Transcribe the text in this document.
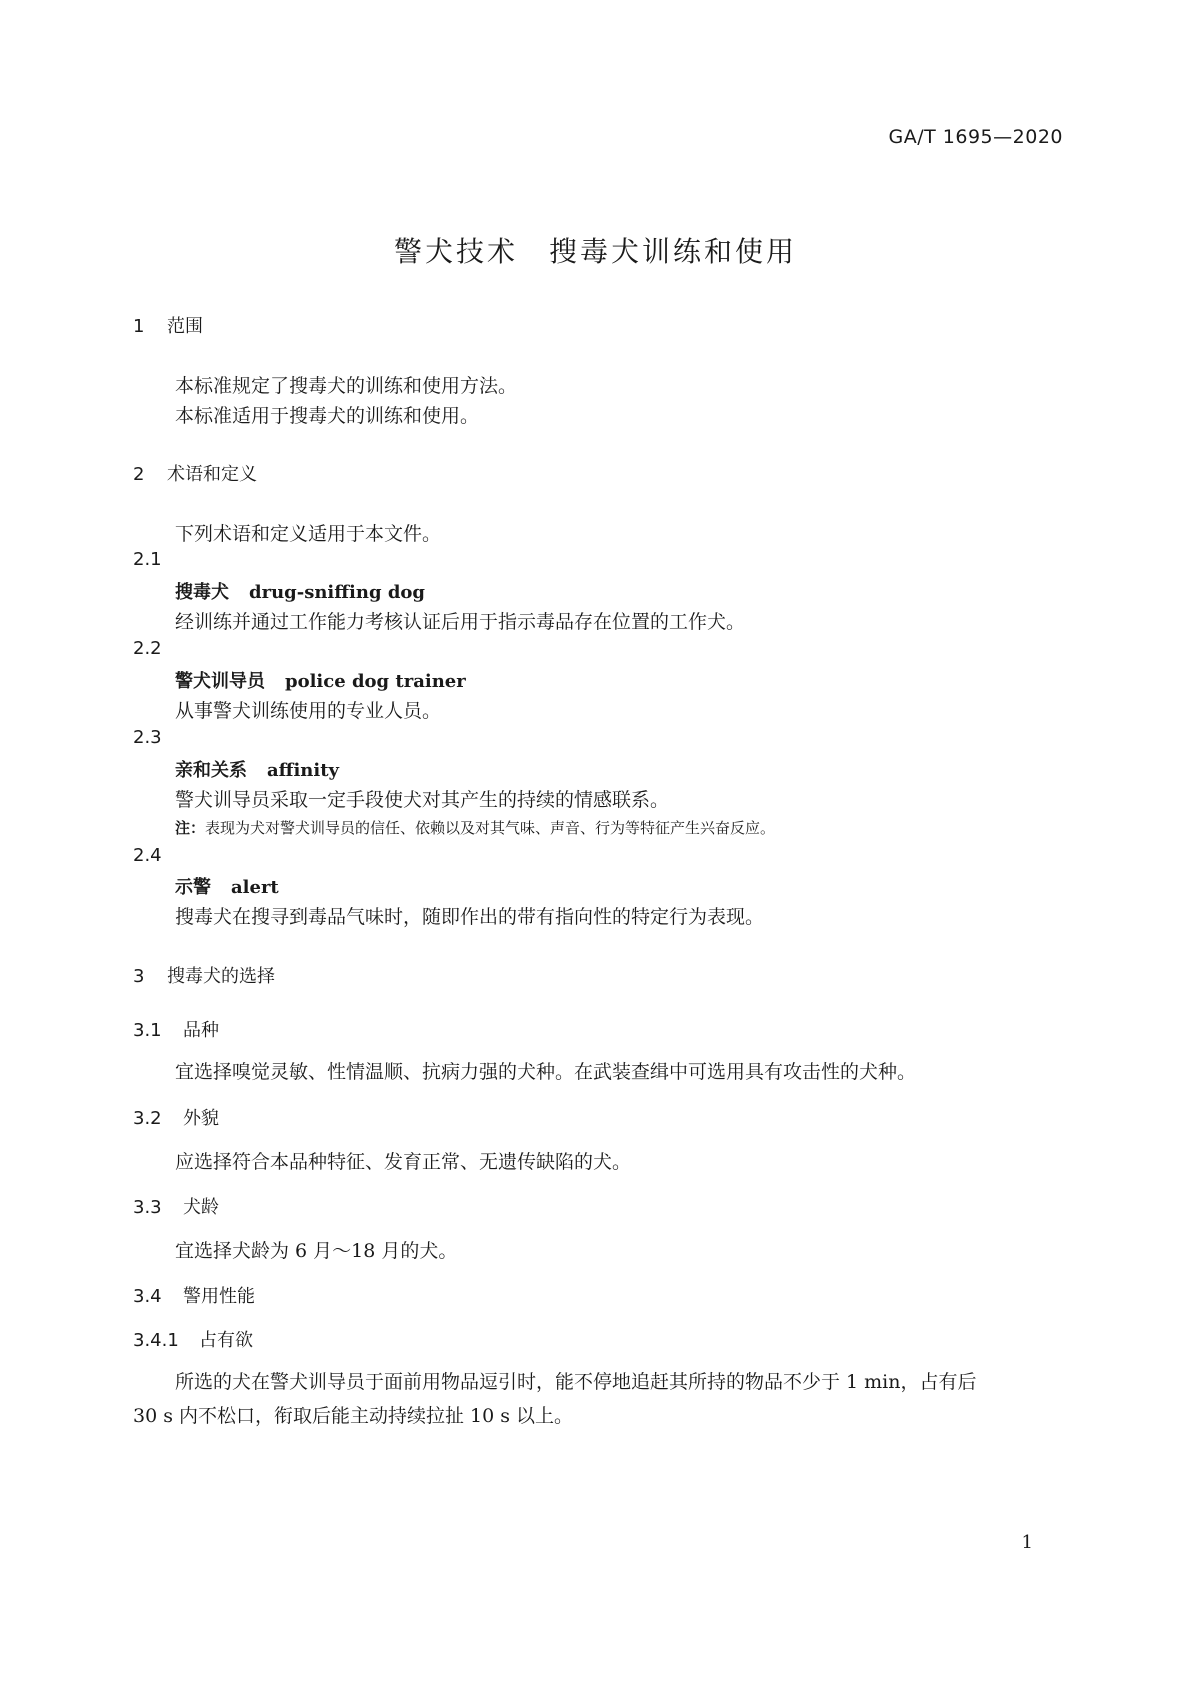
GA/T 1695—2020
警犬技术　搜毒犬训练和使用
1 范围
本标准规定了搜毒犬的训练和使用方法。
本标准适用于搜毒犬的训练和使用。
2 术语和定义
下列术语和定义适用于本文件。
2.1
搜毒犬 drug-sniffing dog
经训练并通过工作能力考核认证后用于指示毒品存在位置的工作犬。
2.2
警犬训导员 police dog trainer
从事警犬训练使用的专业人员。
2.3
亲和关系 affinity
警犬训导员采取一定手段使犬对其产生的持续的情感联系。
注：表现为犬对警犬训导员的信任、依赖以及对其气味、声音、行为等特征产生兴奋反应。
2.4
示警 alert
搜毒犬在搜寻到毒品气味时，随即作出的带有指向性的特定行为表现。
3 搜毒犬的选择
3.1 品种
宜选择嗅觉灵敏、性情温顺、抗病力强的犬种。在武装查缉中可选用具有攻击性的犬种。
3.2 外貌
应选择符合本品种特征、发育正常、无遗传缺陷的犬。
3.3 犬龄
宜选择犬龄为 6 月～18 月的犬。
3.4 警用性能
3.4.1 占有欲
所选的犬在警犬训导员于面前用物品逗引时，能不停地追赶其所持的物品不少于 1 min，占有后
30 s 内不松口，衔取后能主动持续拉扯 10 s 以上。
1
